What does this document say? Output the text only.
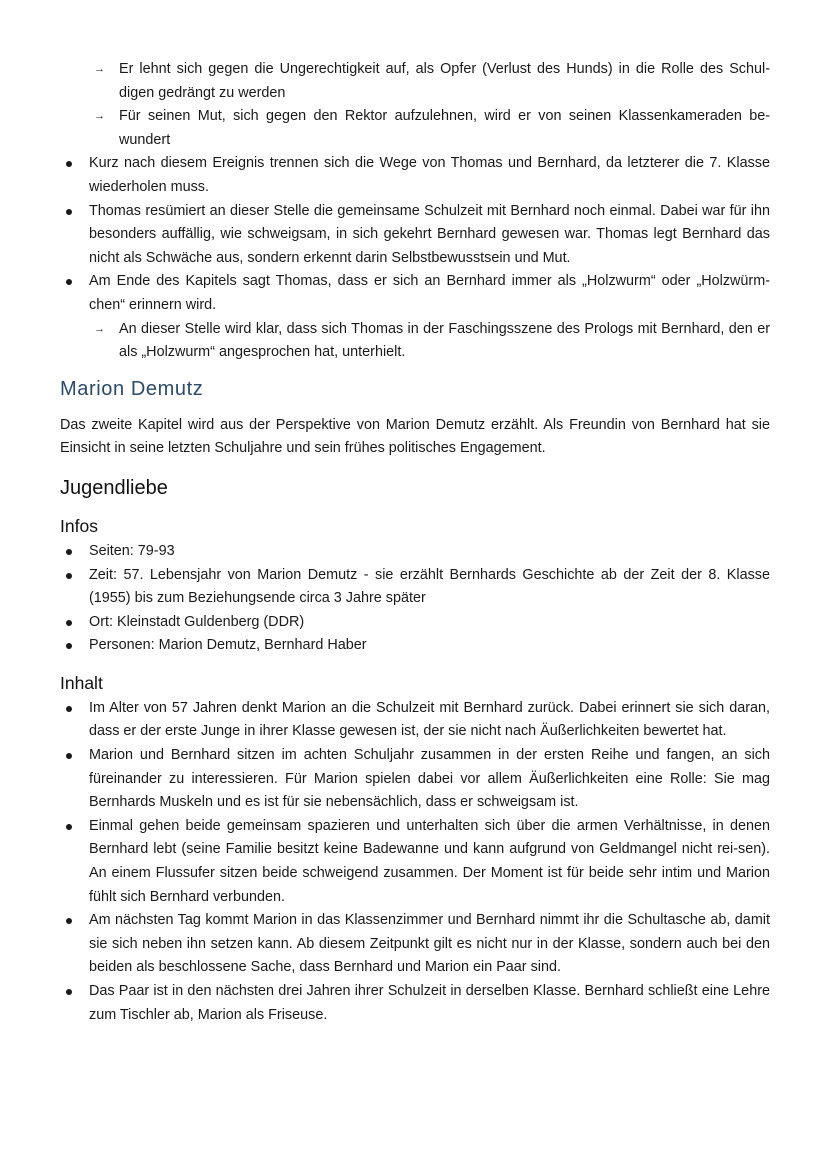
→ Er lehnt sich gegen die Ungerechtigkeit auf, als Opfer (Verlust des Hunds) in die Rolle des Schul-digen gedrängt zu werden
→ Für seinen Mut, sich gegen den Rektor aufzulehnen, wird er von seinen Klassenkameraden be-wundert
Kurz nach diesem Ereignis trennen sich die Wege von Thomas und Bernhard, da letzterer die 7. Klasse wiederholen muss.
Thomas resümiert an dieser Stelle die gemeinsame Schulzeit mit Bernhard noch einmal. Dabei war für ihn besonders auffällig, wie schweigsam, in sich gekehrt Bernhard gewesen war. Thomas legt Bernhard das nicht als Schwäche aus, sondern erkennt darin Selbstbewusstsein und Mut.
Am Ende des Kapitels sagt Thomas, dass er sich an Bernhard immer als „Holzwurm“ oder „Holzwürm-chen“ erinnern wird.
→ An dieser Stelle wird klar, dass sich Thomas in der Faschingsszene des Prologs mit Bernhard, den er als „Holzwurm“ angesprochen hat, unterhielt.
Marion Demutz

Das zweite Kapitel wird aus der Perspektive von Marion Demutz erzählt. Als Freundin von Bernhard hat sie Einsicht in seine letzten Schuljahre und sein frühes politisches Engagement.

Jugendliebe
Infos
Seiten: 79-93
Zeit: 57. Lebensjahr von Marion Demutz - sie erzählt Bernhards Geschichte ab der Zeit der 8. Klasse (1955) bis zum Beziehungsende circa 3 Jahre später
Ort: Kleinstadt Guldenberg (DDR)
Personen: Marion Demutz, Bernhard Haber
Inhalt
Im Alter von 57 Jahren denkt Marion an die Schulzeit mit Bernhard zurück. Dabei erinnert sie sich daran, dass er der erste Junge in ihrer Klasse gewesen ist, der sie nicht nach Äußerlichkeiten bewertet hat.
Marion und Bernhard sitzen im achten Schuljahr zusammen in der ersten Reihe und fangen, an sich füreinander zu interessieren. Für Marion spielen dabei vor allem Äußerlichkeiten eine Rolle: Sie mag Bernhards Muskeln und es ist für sie nebensächlich, dass er schweigsam ist.
Einmal gehen beide gemeinsam spazieren und unterhalten sich über die armen Verhältnisse, in denen Bernhard lebt (seine Familie besitzt keine Badewanne und kann aufgrund von Geldmangel nicht rei-sen). An einem Flussufer sitzen beide schweigend zusammen. Der Moment ist für beide sehr intim und Marion fühlt sich Bernhard verbunden.
Am nächsten Tag kommt Marion in das Klassenzimmer und Bernhard nimmt ihr die Schultasche ab, damit sie sich neben ihn setzen kann. Ab diesem Zeitpunkt gilt es nicht nur in der Klasse, sondern auch bei den beiden als beschlossene Sache, dass Bernhard und Marion ein Paar sind.
Das Paar ist in den nächsten drei Jahren ihrer Schulzeit in derselben Klasse. Bernhard schließt eine Lehre zum Tischler ab, Marion als Friseuse.
